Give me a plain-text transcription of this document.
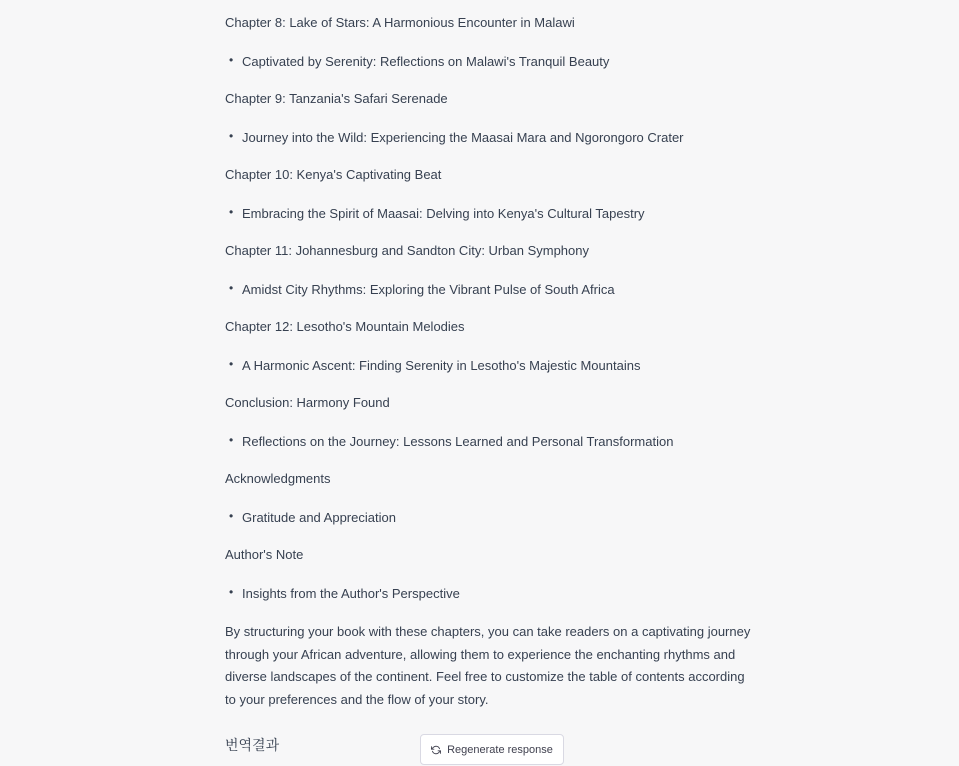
Chapter 8: Lake of Stars: A Harmonious Encounter in Malawi

• Captivated by Serenity: Reflections on Malawi's Tranquil Beauty

Chapter 9: Tanzania's Safari Serenade

• Journey into the Wild: Experiencing the Maasai Mara and Ngorongoro Crater

Chapter 10: Kenya's Captivating Beat

• Embracing the Spirit of Maasai: Delving into Kenya's Cultural Tapestry

Chapter 11: Johannesburg and Sandton City: Urban Symphony

• Amidst City Rhythms: Exploring the Vibrant Pulse of South Africa

Chapter 12: Lesotho's Mountain Melodies

• A Harmonic Ascent: Finding Serenity in Lesotho's Majestic Mountains

Conclusion: Harmony Found

• Reflections on the Journey: Lessons Learned and Personal Transformation

Acknowledgments

• Gratitude and Appreciation

Author's Note

• Insights from the Author's Perspective

By structuring your book with these chapters, you can take readers on a captivating journey through your African adventure, allowing them to experience the enchanting rhythms and diverse landscapes of the continent. Feel free to customize the table of contents according to your preferences and the flow of your story.

번역결과	Regenerate response
